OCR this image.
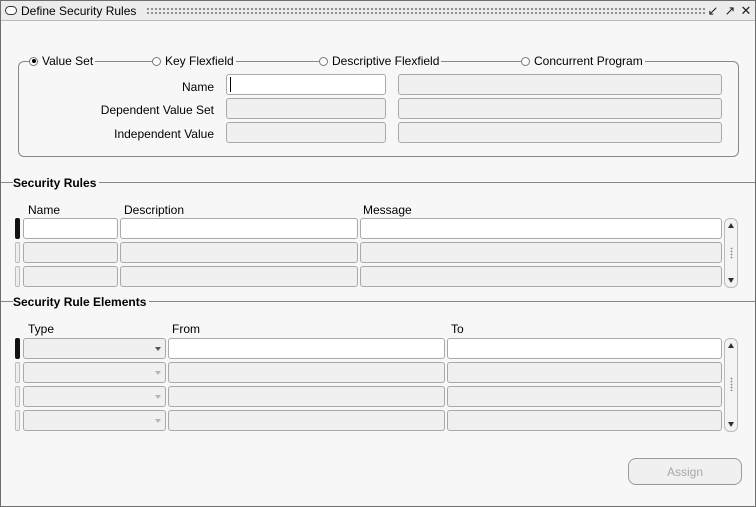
Define Security Rules	↙ ↗ ✕
Value Set	Key Flexfield	Descriptive Flexfield	Concurrent Program
Name
Dependent Value Set
Independent Value
Security Rules
Name	Description	Message
Security Rule Elements
Type	From	To
Assign
